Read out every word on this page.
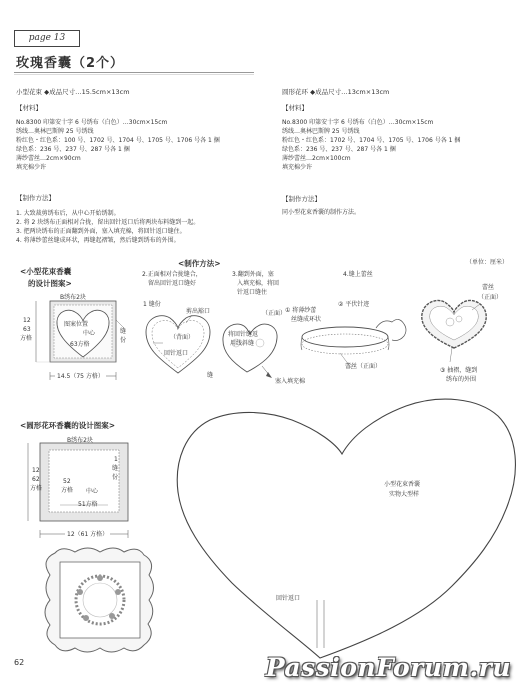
page 13
玫瑰香囊（2个）
小型花束 ◆成品尺寸…15.5cm×13cm
【材料】
No.8300 印第安十字 6 号绣布（白色）…30cm×15cm
绣线…奥林巴斯牌 25 号绣线
粉红色・红色系：100 号、1702 号、1704 号、1705 号、1706 号各 1 捆
绿色系：236 号、237 号、287 号各 1 捆
薄纱蕾丝…2cm×90cm
填充棉少许
圆形花环 ◆成品尺寸…13cm×13cm
【材料】
No.8300 印第安十字 6 号绣布（白色）…30cm×15cm
绣线…奥林巴斯牌 25 号绣线
粉红色・红色系：1702 号、1704 号、1705 号、1706 号各 1 捆
绿色系：236 号、237 号、287 号各 1 捆
薄纱蕾丝…2cm×100cm
填充棉少许
【制作方法】
同小型花束香囊的制作方法。
【制作方法】
1. 大致裁剪绣布后，从中心开始绣制。
2. 将 2 块绣布正面相对合拢，留出回针返口后将两块布料缝到一起。
3. 把两块绣布的正面翻到外面，塞入填充棉，将回针返口缝住。
4. 将薄纱蕾丝缝成环状，再缝起褶皱，然后缝到绣布的外围。
<小型花束香囊
的设计图案>
B绣布2块
12
63
方格
图案位置
中心
63方格
缝份
14.5（75 方格）
<制作方法>
2.正面相对合拢缝合，
留出回针返口缝好
1 缝份
剪出豁口
（背面）
回针返口
缝
3.翻到外面，塞
入填充棉，将回
针返口缝住
（正面）
将回针缝返
用线斜缝
塞入填充棉
4.缝上蕾丝
① 将薄纱蕾
丝缝成环状
② 平伏针迹
蕾丝（正面）
③ 抽褶，缝到
绣布的外围
蕾丝
（正面）
（单位：厘米）
<圆形花环香囊的设计图案>
B绣布2块
1
缝份
12
62
方格
52
方格 中心
51方格
12（61 方格）
小型花束香囊
实物大型样
回针返口
62	PassionForum.ru
